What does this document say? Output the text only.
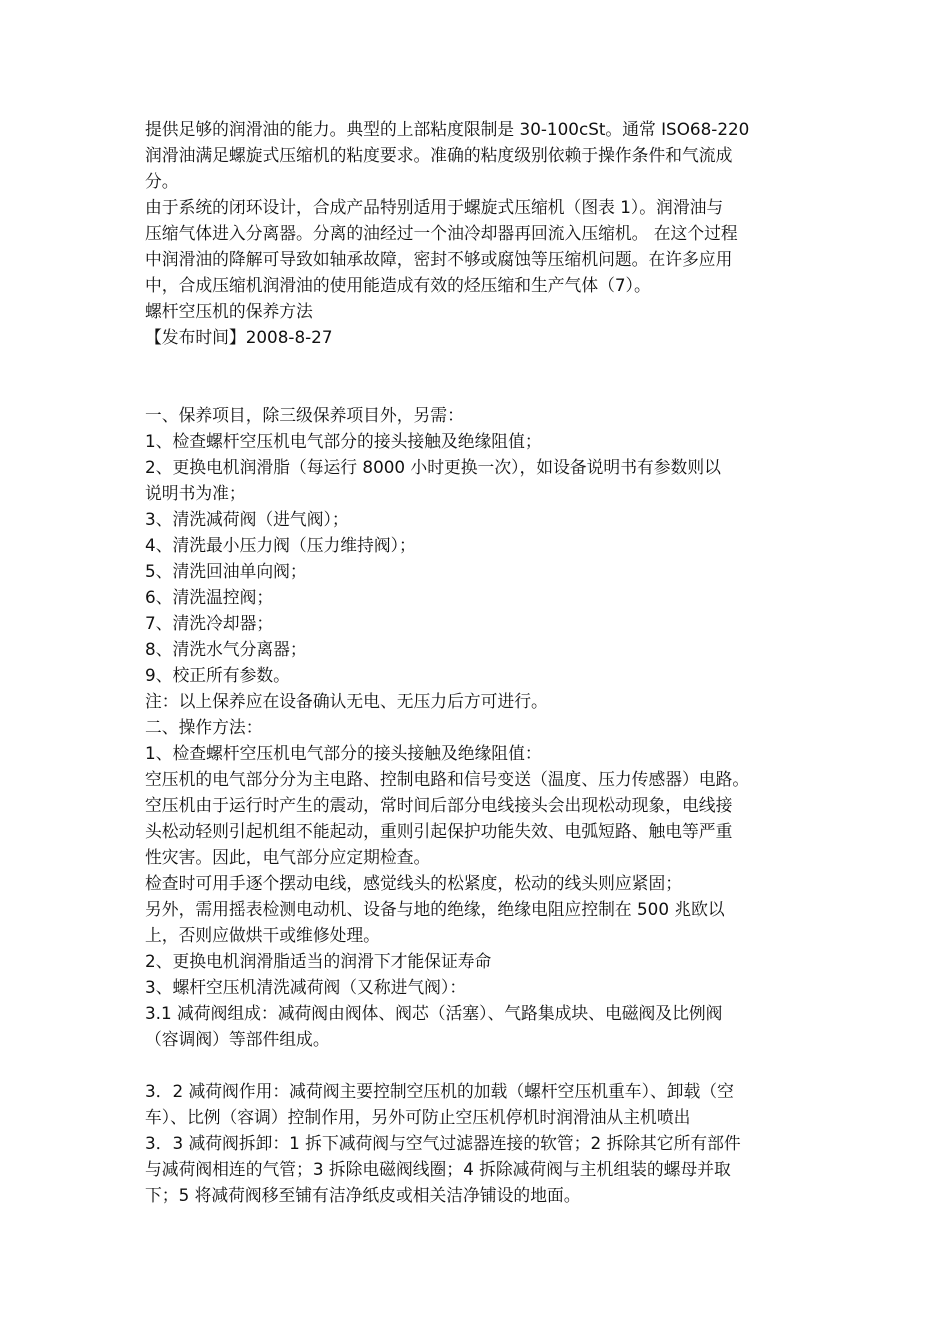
提供足够的润滑油的能力。典型的上部粘度限制是 30-100cSt。通常 ISO68-220
润滑油满足螺旋式压缩机的粘度要求。准确的粘度级别依赖于操作条件和气流成
分。
由于系统的闭环设计，合成产品特别适用于螺旋式压缩机（图表 1）。润滑油与
压缩气体进入分离器。分离的油经过一个油冷却器再回流入压缩机。 在这个过程
中润滑油的降解可导致如轴承故障，密封不够或腐蚀等压缩机问题。在许多应用
中，合成压缩机润滑油的使用能造成有效的烃压缩和生产气体（7）。
螺杆空压机的保养方法
【发布时间】2008-8-27
一、保养项目，除三级保养项目外，另需：
1、检查螺杆空压机电气部分的接头接触及绝缘阻值；
2、更换电机润滑脂（每运行 8000 小时更换一次），如设备说明书有参数则以
说明书为准；
3、清洗减荷阀（进气阀）；
4、清洗最小压力阀（压力维持阀）；
5、清洗回油单向阀；
6、清洗温控阀；
7、清洗冷却器；
8、清洗水气分离器；
9、校正所有参数。
注：以上保养应在设备确认无电、无压力后方可进行。
二、操作方法：
1、检查螺杆空压机电气部分的接头接触及绝缘阻值：
空压机的电气部分分为主电路、控制电路和信号变送（温度、压力传感器）电路。
空压机由于运行时产生的震动，常时间后部分电线接头会出现松动现象，电线接
头松动轻则引起机组不能起动，重则引起保护功能失效、电弧短路、触电等严重
性灾害。因此，电气部分应定期检查。
检查时可用手逐个摆动电线，感觉线头的松紧度，松动的线头则应紧固；
另外，需用摇表检测电动机、设备与地的绝缘，绝缘电阻应控制在 500 兆欧以
上，否则应做烘干或维修处理。
2、更换电机润滑脂适当的润滑下才能保证寿命
3、螺杆空压机清洗减荷阀（又称进气阀）：
3.1 减荷阀组成：减荷阀由阀体、阀芯（活塞）、气路集成块、电磁阀及比例阀
（容调阀）等部件组成。
3．2 减荷阀作用：减荷阀主要控制空压机的加载（螺杆空压机重车）、卸载（空
车）、比例（容调）控制作用，另外可防止空压机停机时润滑油从主机喷出
3．3 减荷阀拆卸：1 拆下减荷阀与空气过滤器连接的软管；2 拆除其它所有部件
与减荷阀相连的气管；3 拆除电磁阀线圈；4 拆除减荷阀与主机组装的螺母并取
下；5 将减荷阀移至铺有洁净纸皮或相关洁净铺设的地面。
